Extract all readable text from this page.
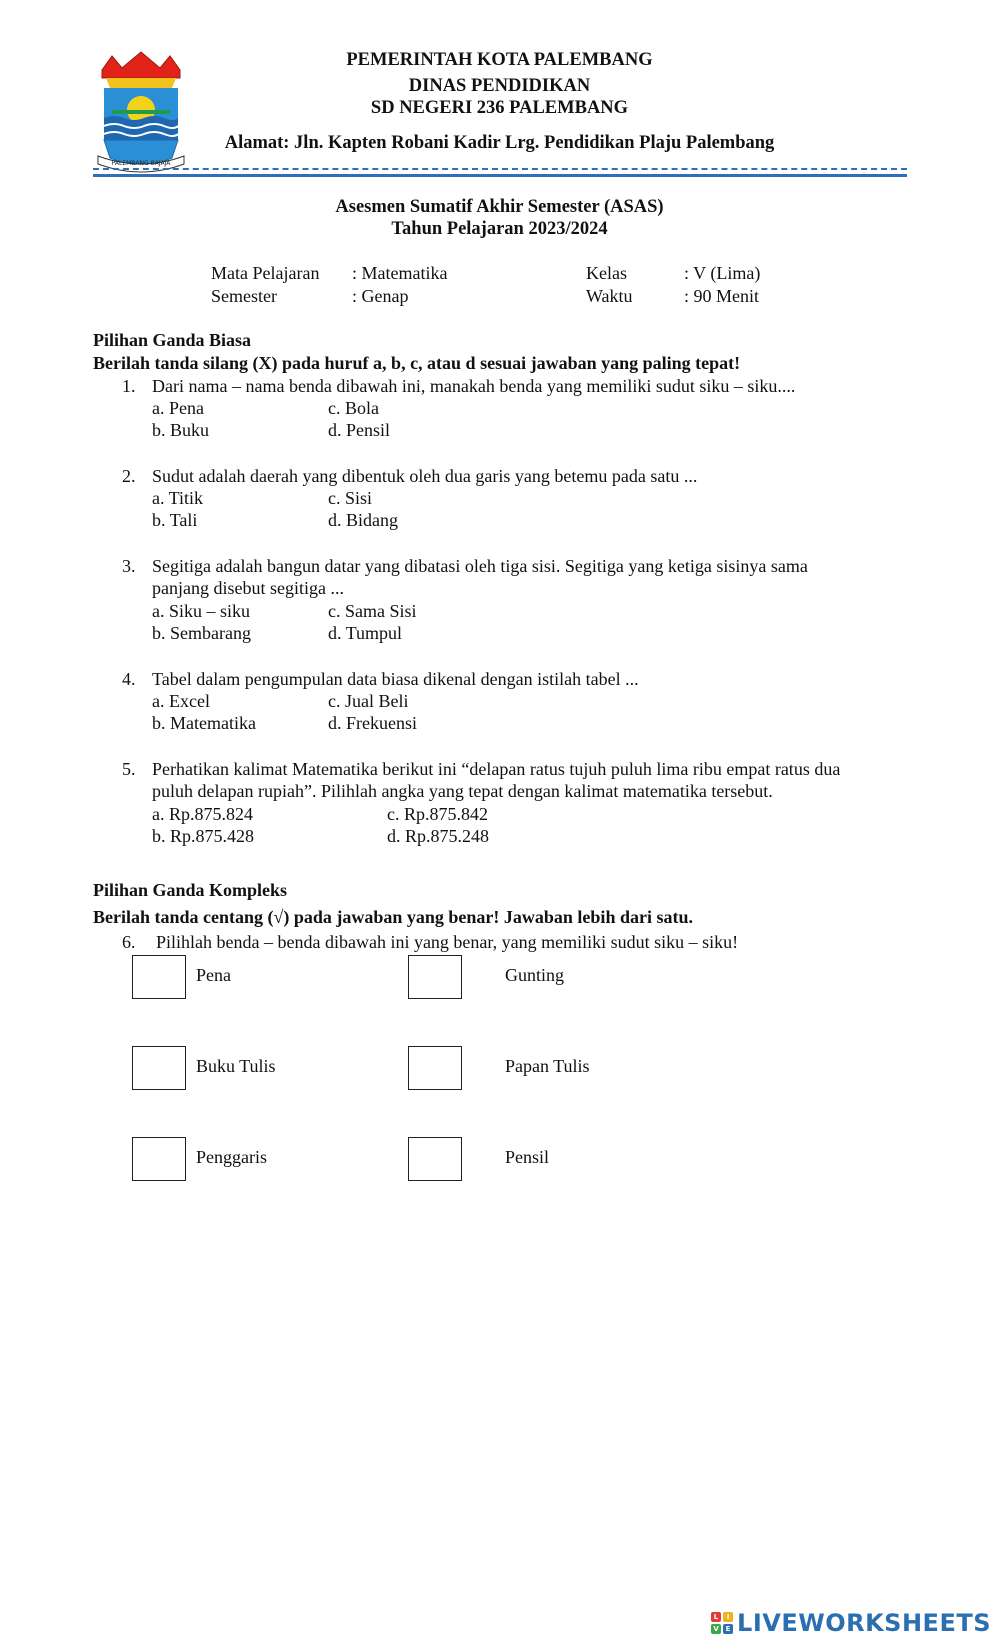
PALEMBANG BAJAJA
PEMERINTAH KOTA PALEMBANG
DINAS PENDIDIKAN
SD NEGERI 236 PALEMBANG
Alamat: Jln. Kapten Robani Kadir Lrg. Pendidikan Plaju Palembang
Asesmen Sumatif Akhir Semester (ASAS)
Tahun Pelajaran 2023/2024
Mata Pelajaran : Matematika	Kelas	: V (Lima)
Semester	: Genap	Waktu	: 90 Menit
Pilihan Ganda Biasa
Berilah tanda silang (X) pada huruf a, b, c, atau d sesuai jawaban yang paling tepat!
1. Dari nama – nama benda dibawah ini, manakah benda yang memiliki sudut siku – siku....
a. Pena	c. Bola
b. Buku	d. Pensil
2. Sudut adalah daerah yang dibentuk oleh dua garis yang betemu pada satu ...
a. Titik	c. Sisi
b. Tali	d. Bidang
3. Segitiga adalah bangun datar yang dibatasi oleh tiga sisi. Segitiga yang ketiga sisinya sama
panjang disebut segitiga ...
a. Siku – siku	c. Sama Sisi
b. Sembarang	d. Tumpul
4. Tabel dalam pengumpulan data biasa dikenal dengan istilah tabel ...
a. Excel	c. Jual Beli
b. Matematika	d. Frekuensi
5. Perhatikan kalimat Matematika berikut ini “delapan ratus tujuh puluh lima ribu empat ratus dua
puluh delapan rupiah”. Pilihlah angka yang tepat dengan kalimat matematika tersebut.
a. Rp.875.824	c. Rp.875.842
b. Rp.875.428	d. Rp.875.248
Pilihan Ganda Kompleks
Berilah tanda centang (√) pada jawaban yang benar! Jawaban lebih dari satu.
6. Pilihlah benda – benda dibawah ini yang benar, yang memiliki sudut siku – siku!
Pena	Gunting
Buku Tulis	Papan Tulis
Penggaris	Pensil
L	I
V E LIVEWORKSHEETS
